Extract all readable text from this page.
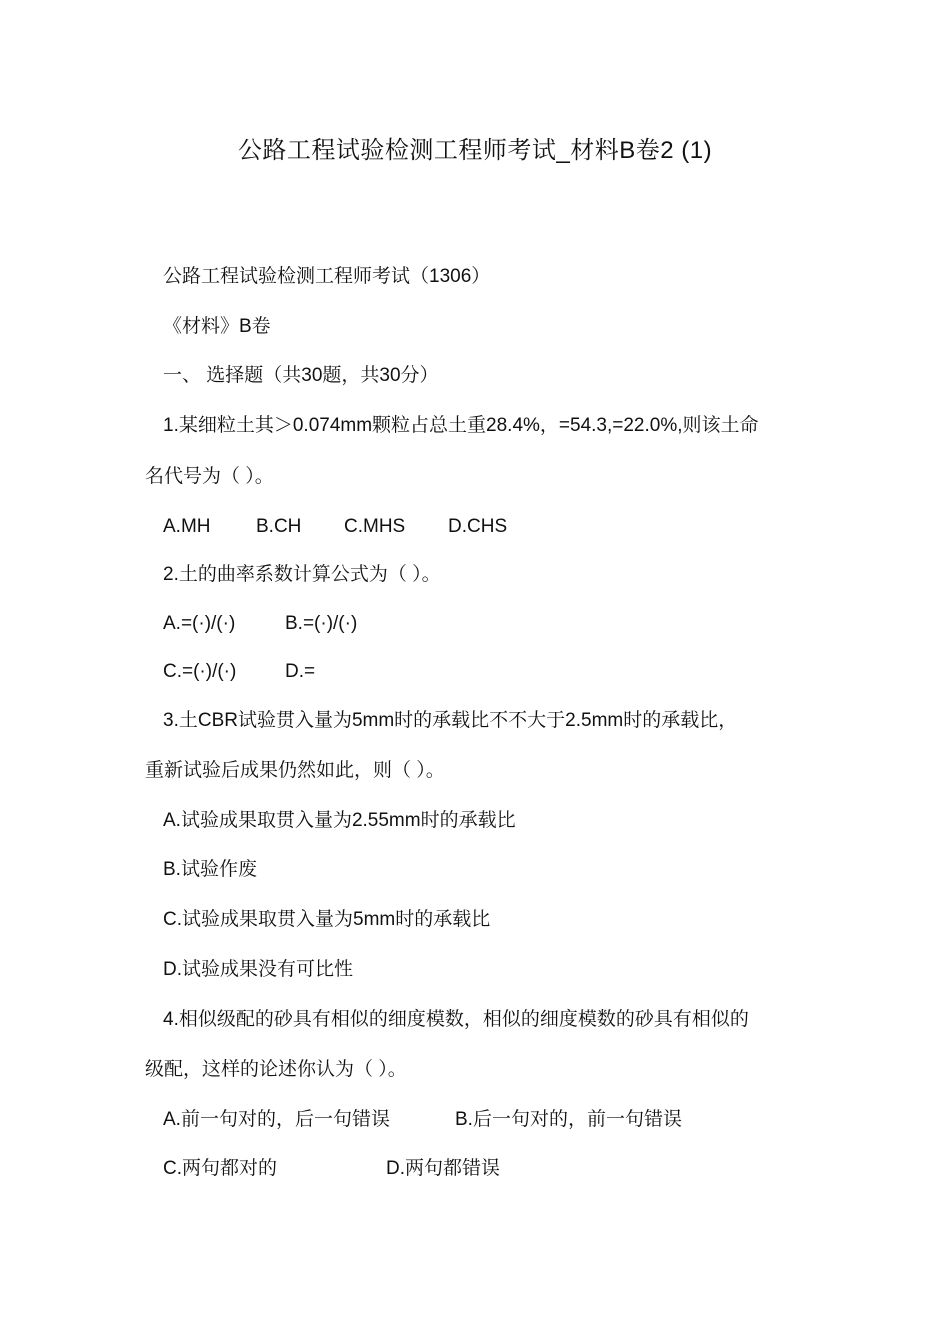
公路工程试验检测工程师考试_材料B卷2 (1)

公路工程试验检测工程师考试（1306）

《材料》B卷

一、 选择题（共30题，共30分）

1.某细粒土其＞0.074mm颗粒占总土重28.4%，=54.3,=22.0%,则该土命

名代号为（ ）。

A.MH B.CH C.MHS D.CHS

2.土的曲率系数计算公式为（ ）。

A.=(·)/(·)	B.=(·)/(·)
C.=(·)/(·)	D.=

3.土CBR试验贯入量为5mm时的承载比不不大于2.5mm时的承载比，

重新试验后成果仍然如此，则（ ）。

A.试验成果取贯入量为2.55mm时的承载比

B.试验作废

C.试验成果取贯入量为5mm时的承载比

D.试验成果没有可比性

4.相似级配的砂具有相似的细度模数，相似的细度模数的砂具有相似的

级配，这样的论述你认为（ ）。

A.前一句对的，后一句错误	B.后一句对的，前一句错误
C.两句都对的	D.两句都错误
